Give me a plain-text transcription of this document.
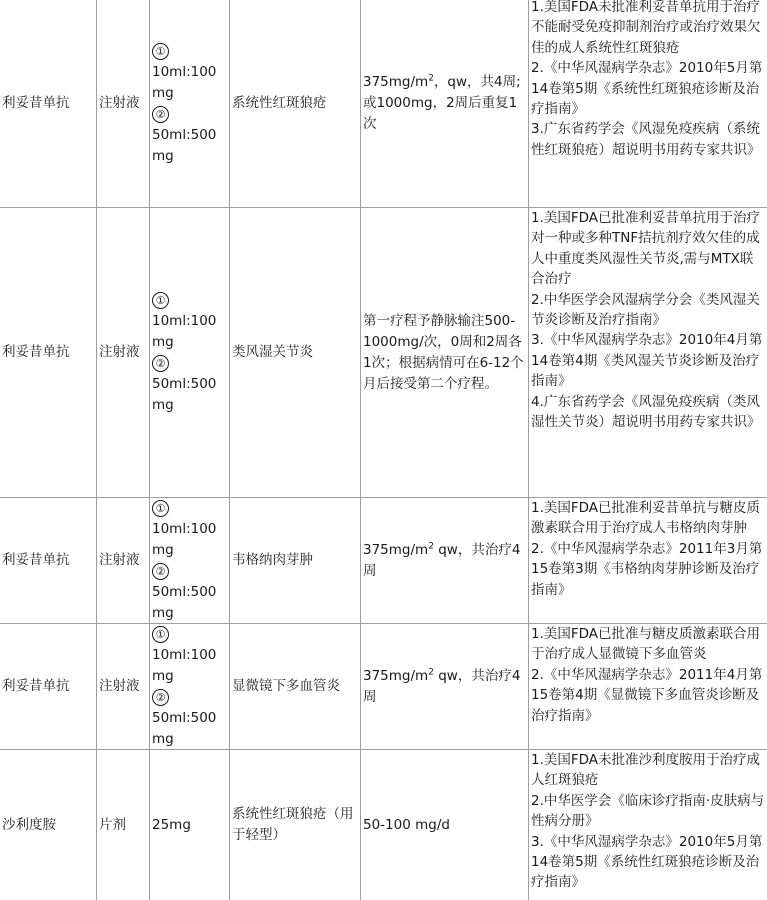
利妥昔单抗 注射液
①
10ml:100
mg
②
50ml:500
mg
系统性红斑狼疮
$375mg/m^2$，qw，共4周;或1000mg，2周后重复1次
1.美国FDA未批准利妥昔单抗用于治疗不能耐受免疫抑制剂治疗或治疗效果欠佳的成人系统性红斑狼疮
2.《中华风湿病学杂志》2010年5月第14卷第5期《系统性红斑狼疮诊断及治疗指南》
3.广东省药学会《风湿免疫疾病（系统性红斑狼疮）超说明书用药专家共识》
利妥昔单抗 注射液
①
10ml:100
mg
②
50ml:500
mg
类风湿关节炎
第一疗程予静脉输注500-1000mg/次，0周和2周各1次；根据病情可在6-12个月后接受第二个疗程。
1.美国FDA已批准利妥昔单抗用于治疗对一种或多种TNF拮抗剂疗效欠佳的成人中重度类风湿性关节炎,需与MTX联合治疗
2.中华医学会风湿病学分会《类风湿关节炎诊断及治疗指南》
3.《中华风湿病学杂志》2010年4月第14卷第4期《类风湿关节炎诊断及治疗指南》
4.广东省药学会《风湿免疫疾病（类风湿性关节炎）超说明书用药专家共识》
利妥昔单抗 注射液
①
10ml:100
mg
②
50ml:500
mg
韦格纳肉芽肿
$375mg/m^2$ qw，共治疗4周
1.美国FDA已批准利妥昔单抗与糖皮质激素联合用于治疗成人韦格纳肉芽肿
2.《中华风湿病学杂志》2011年3月第15卷第3期《韦格纳肉芽肿诊断及治疗指南》
利妥昔单抗 注射液
①
10ml:100
mg
②
50ml:500
mg
显微镜下多血管炎
$375mg/m^2$ qw，共治疗4周
1.美国FDA已批准与糖皮质激素联合用于治疗成人显微镜下多血管炎
2.《中华风湿病学杂志》2011年4月第15卷第4期《显微镜下多血管炎诊断及治疗指南》
沙利度胺	片剂 25mg
系统性红斑狼疮（用于轻型）
50-100 mg/d
1.美国FDA未批准沙利度胺用于治疗成人红斑狼疮
2.中华医学会《临床诊疗指南·皮肤病与性病分册》
3.《中华风湿病学杂志》2010年5月第14卷第5期《系统性红斑狼疮诊断及治疗指南》
